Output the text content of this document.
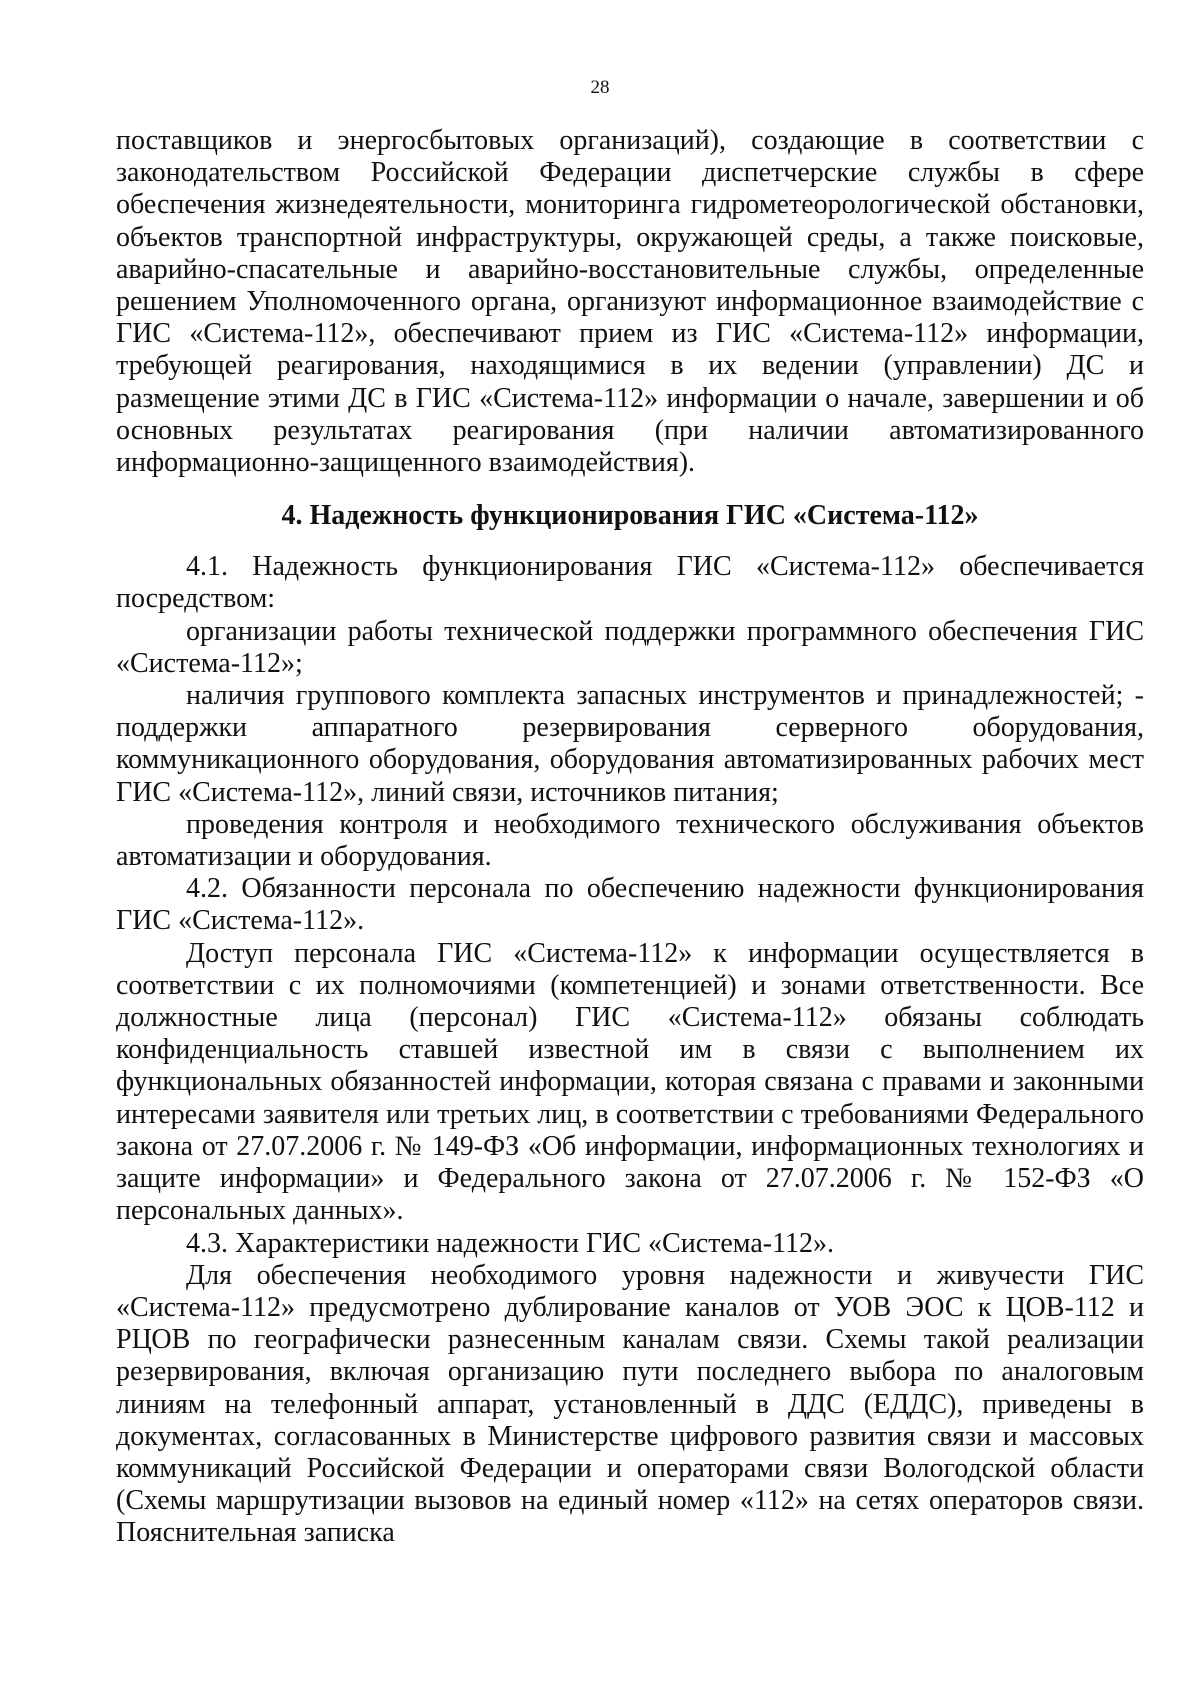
28

поставщиков и энергосбытовых организаций), создающие в соответствии с законодательством Российской Федерации диспетчерские службы в сфере обеспечения жизнедеятельности, мониторинга гидрометеорологической обстановки, объектов транспортной инфраструктуры, окружающей среды, а также поисковые, аварийно-спасательные и аварийно-восстановительные службы, определенные решением Уполномоченного органа, организуют информационное взаимодействие с ГИС «Система-112», обеспечивают прием из ГИС «Система-112» информации, требующей реагирования, находящимися в их ведении (управлении) ДС и размещение этими ДС в ГИС «Система-112» информации о начале, завершении и об основных результатах реагирования (при наличии автоматизированного информационно-защищенного взаимодействия).

4. Надежность функционирования ГИС «Система-112»

4.1. Надежность функционирования ГИС «Система-112» обеспечивается посредством:

организации работы технической поддержки программного обеспечения ГИС «Система-112»;

наличия группового комплекта запасных инструментов и принадлежностей; - поддержки аппаратного резервирования серверного оборудования, коммуникационного оборудования, оборудования автоматизированных рабочих мест ГИС «Система-112», линий связи, источников питания;

проведения контроля и необходимого технического обслуживания объектов автоматизации и оборудования.

4.2. Обязанности персонала по обеспечению надежности функционирования ГИС «Система-112».

Доступ персонала ГИС «Система-112» к информации осуществляется в соответствии с их полномочиями (компетенцией) и зонами ответственности. Все должностные лица (персонал) ГИС «Система-112» обязаны соблюдать конфиденциальность ставшей известной им в связи с выполнением их функциональных обязанностей информации, которая связана с правами и законными интересами заявителя или третьих лиц, в соответствии с требованиями Федерального закона от 27.07.2006 г. № 149-ФЗ «Об информации, информационных технологиях и защите информации» и Федерального закона от 27.07.2006 г. № 152-ФЗ «О персональных данных».

4.3. Характеристики надежности ГИС «Система-112».

Для обеспечения необходимого уровня надежности и живучести ГИС «Система-112» предусмотрено дублирование каналов от УОВ ЭОС к ЦОВ-112 и РЦОВ по географически разнесенным каналам связи. Схемы такой реализации резервирования, включая организацию пути последнего выбора по аналоговым линиям на телефонный аппарат, установленный в ДДС (ЕДДС), приведены в документах, согласованных в Министерстве цифрового развития связи и массовых коммуникаций Российской Федерации и операторами связи Вологодской области (Схемы маршрутизации вызовов на единый номер «112» на сетях операторов связи. Пояснительная записка
